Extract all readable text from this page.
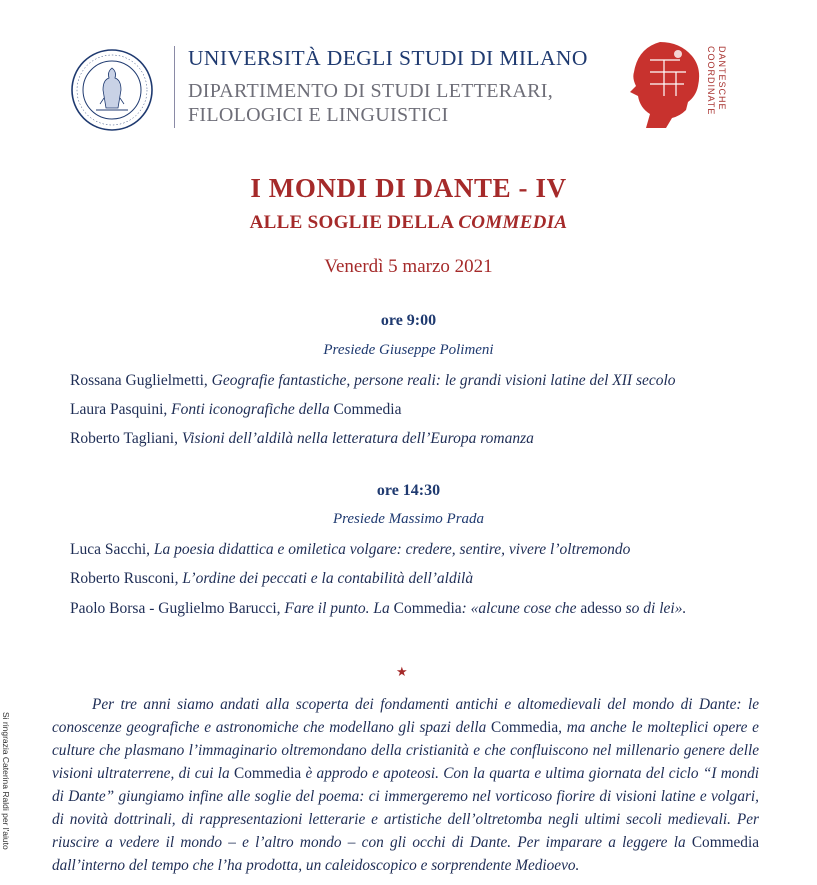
UNIVERSITÀ DEGLI STUDI DI MILANO
DIPARTIMENTO DI STUDI LETTERARI,
FILOLOGICI E LINGUISTICI	COORDINATE DANTESCHE
I MONDI DI DANTE - IV
ALLE SOGLIE DELLA COMMEDIA
Venerdì 5 marzo 2021
ore 9:00
Presiede Giuseppe Polimeni
Rossana Guglielmetti, Geografie fantastiche, persone reali: le grandi visioni latine del XII secolo
Laura Pasquini, Fonti iconografiche della Commedia
Roberto Tagliani, Visioni dell’aldilà nella letteratura dell’Europa romanza
ore 14:30
Presiede Massimo Prada
Luca Sacchi, La poesia didattica e omiletica volgare: credere, sentire, vivere l’oltremondo
Roberto Rusconi, L’ordine dei peccati e la contabilità dell’aldilà
Paolo Borsa - Guglielmo Barucci, Fare il punto. La Commedia: «alcune cose che adesso so di lei».
★
Per tre anni siamo andati alla scoperta dei fondamenti antichi e altomedievali del mondo di Dante: le conoscenze geografiche e astronomiche che modellano gli spazi della Commedia, ma anche le molteplici opere e culture che plasmano l’immaginario oltremondano della cristianità e che confluiscono nel millenario genere delle visioni ultraterrene, di cui la Commedia è approdo e apoteosi. Con la quarta e ultima giornata del ciclo “I mondi di Dante” giungiamo infine alle soglie del poema: ci immergeremo nel vorticoso fiorire di visioni latine e volgari, di novità dottrinali, di rappresentazioni letterarie e artistiche dell’oltretomba negli ultimi secoli medievali. Per riuscire a vedere il mondo – e l’altro mondo – con gli occhi di Dante. Per imparare a leggere la Commedia dall’interno del tempo che l’ha prodotta, un caleidoscopico e sorprendente Medioevo.
Si ringrazia Caterina Raldi per l'aiuto
